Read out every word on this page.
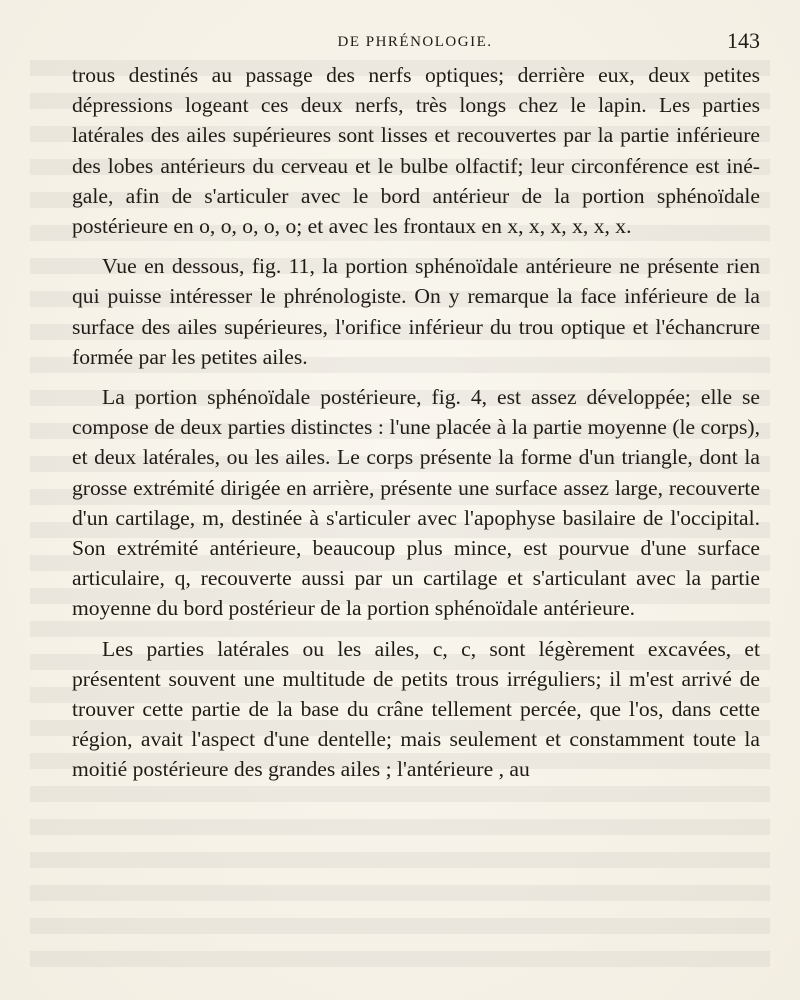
DE PHRÉNOLOGIE.	143

trous destinés au passage des nerfs optiques; derrière eux, deux petites dépressions logeant ces deux nerfs, très longs chez le lapin. Les parties latérales des ailes supérieures sont lisses et recouvertes par la partie inférieure des lobes antérieurs du cerveau et le bulbe olfactif; leur circonférence est inégale, afin de s'articuler avec le bord antérieur de la portion sphénoïdale postérieure en o, o, o, o, o; et avec les frontaux en x, x, x, x, x, x.

Vue en dessous, fig. 11, la portion sphénoïdale antérieure ne présente rien qui puisse intéresser le phrénologiste. On y remarque la face inférieure de la surface des ailes supérieures, l'orifice inférieur du trou optique et l'échancrure formée par les petites ailes.

La portion sphénoïdale postérieure, fig. 4, est assez développée; elle se compose de deux parties distinctes : l'une placée à la partie moyenne (le corps), et deux latérales, ou les ailes. Le corps présente la forme d'un triangle, dont la grosse extrémité dirigée en arrière, présente une surface assez large, recouverte d'un cartilage, m, destinée à s'articuler avec l'apophyse basilaire de l'occipital. Son extrémité antérieure, beaucoup plus mince, est pourvue d'une surface articulaire, q, recouverte aussi par un cartilage et s'articulant avec la partie moyenne du bord postérieur de la portion sphénoïdale antérieure.

Les parties latérales ou les ailes, c, c, sont légèrement excavées, et présentent souvent une multitude de petits trous irréguliers; il m'est arrivé de trouver cette partie de la base du crâne tellement percée, que l'os, dans cette région, avait l'aspect d'une dentelle; mais seulement et constamment toute la moitié postérieure des grandes ailes ; l'antérieure , au
